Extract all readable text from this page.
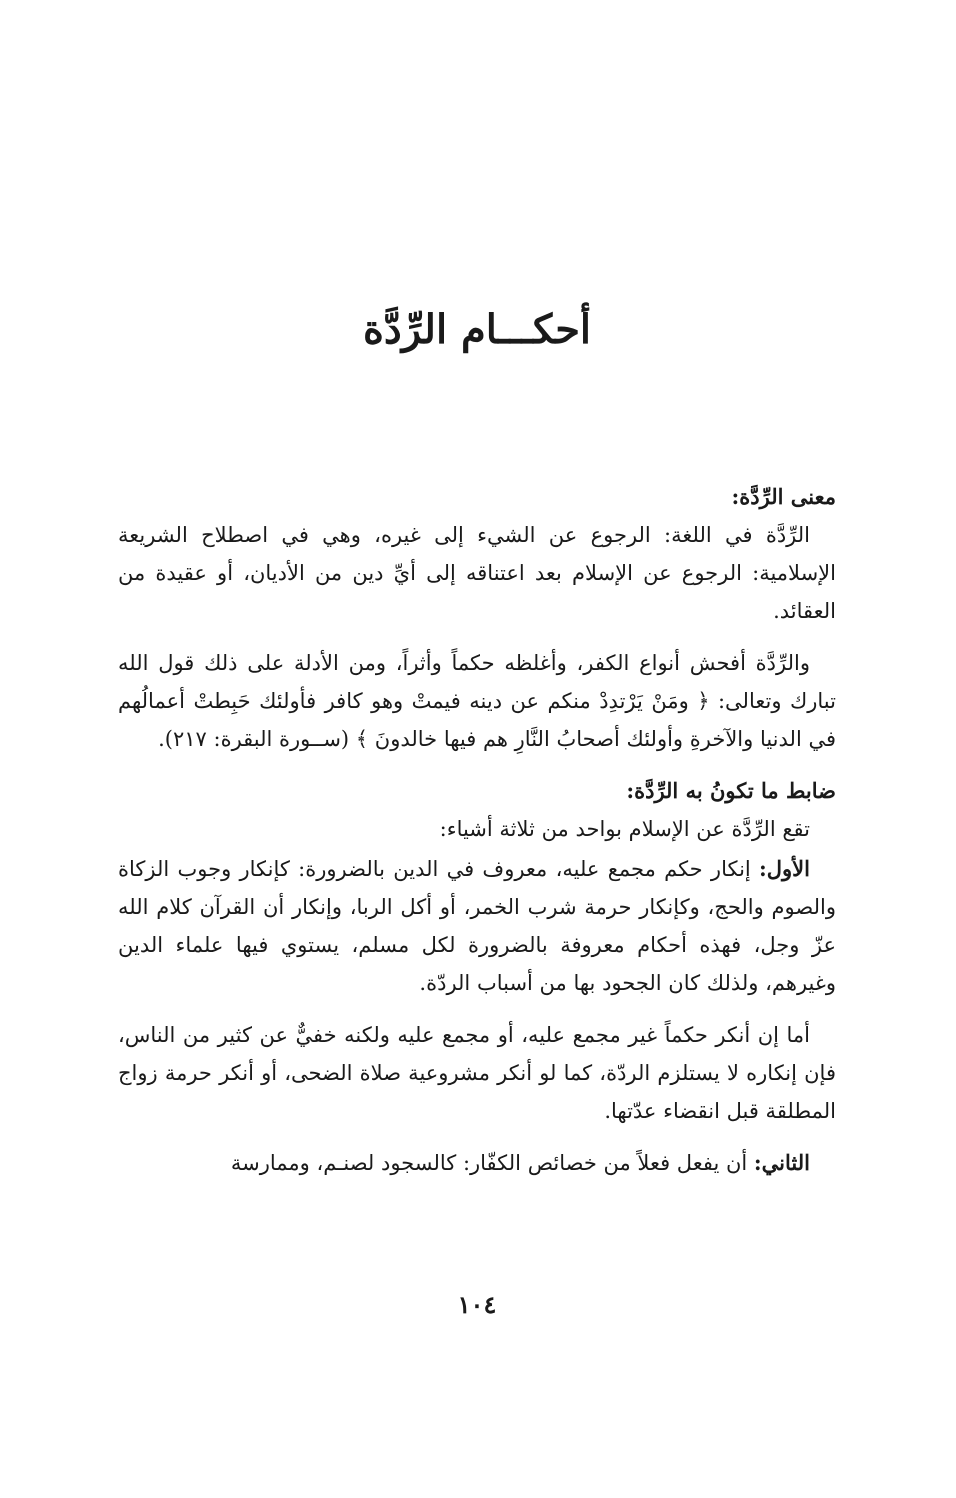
أحكـــام الرِّدَّة

معنى الرِّدَّة:

الرِّدَّة في اللغة: الرجوع عن الشيء إلى غيره، وهي في اصطلاح الشريعة الإسلامية: الرجوع عن الإسلام بعد اعتناقه إلى أيِّ دين من الأديان، أو عقيدة من العقائد.

والرِّدَّة أفحش أنواع الكفر، وأغلظه حكماً وأثراً، ومن الأدلة على ذلك قول الله تبارك وتعالى: ﴿ ومَنْ يَرْتدِدْ منكم عن دينه فيمتْ وهو كافر فأولئك حَبِطتْ أعمالُهم في الدنيا والآخرةِ وأولئك أصحابُ النَّارِ هم فيها خالدونَ ﴾ (ســورة البقرة: ٢١٧).

ضابط ما تكونُ به الرِّدَّة:

تقع الرِّدَّة عن الإسلام بواحد من ثلاثة أشياء:

الأول: إنكار حكم مجمع عليه، معروف في الدين بالضرورة: كإنكار وجوب الزكاة والصوم والحج، وكإنكار حرمة شرب الخمر، أو أكل الربا، وإنكار أن القرآن كلام الله عزّ وجل، فهذه أحكام معروفة بالضرورة لكل مسلم، يستوي فيها علماء الدين وغيرهم، ولذلك كان الجحود بها من أسباب الردّة.

أما إن أنكر حكماً غير مجمع عليه، أو مجمع عليه ولكنه خفيٌّ عن كثير من الناس، فإن إنكاره لا يستلزم الردّة، كما لو أنكر مشروعية صلاة الضحى، أو أنكر حرمة زواج المطلقة قبل انقضاء عدّتها.

الثاني: أن يفعل فعلاً من خصائص الكفّار: كالسجود لصنـم، وممارسة

١٠٤
